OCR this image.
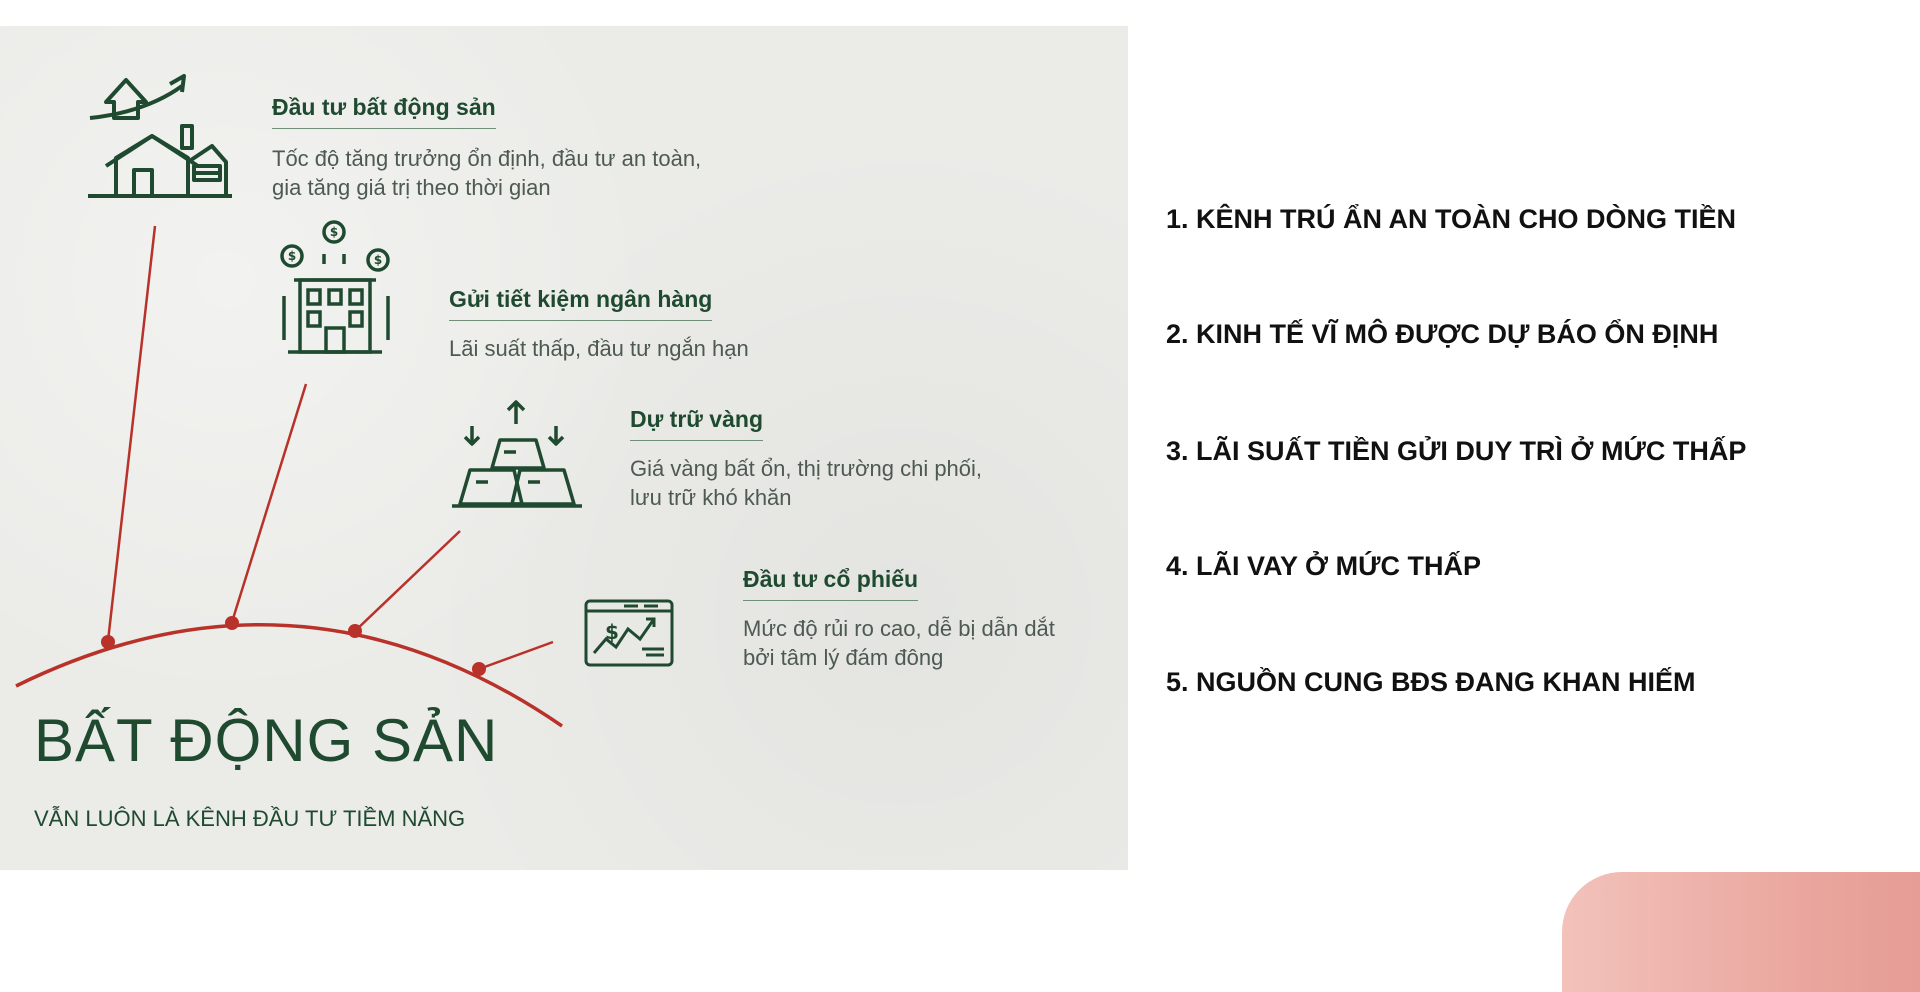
$
$	$
$
Đầu tư bất động sản
Tốc độ tăng trưởng ổn định, đầu tư an toàn,
gia tăng giá trị theo thời gian
Gửi tiết kiệm ngân hàng
Lãi suất thấp, đầu tư ngắn hạn
Dự trữ vàng
Giá vàng bất ổn, thị trường chi phối,
lưu trữ khó khăn
Đầu tư cổ phiếu
Mức độ rủi ro cao, dễ bị dẫn dắt
bởi tâm lý đám đông
BẤT ĐỘNG SẢN
VẪN LUÔN LÀ KÊNH ĐẦU TƯ TIỀM NĂNG
1. KÊNH TRÚ ẨN AN TOÀN CHO DÒNG TIỀN
2. KINH TẾ VĨ MÔ ĐƯỢC DỰ BÁO ỔN ĐỊNH
3. LÃI SUẤT TIỀN GỬI DUY TRÌ Ở MỨC THẤP
4. LÃI VAY Ở MỨC THẤP
5. NGUỒN CUNG BĐS ĐANG KHAN HIẾM
